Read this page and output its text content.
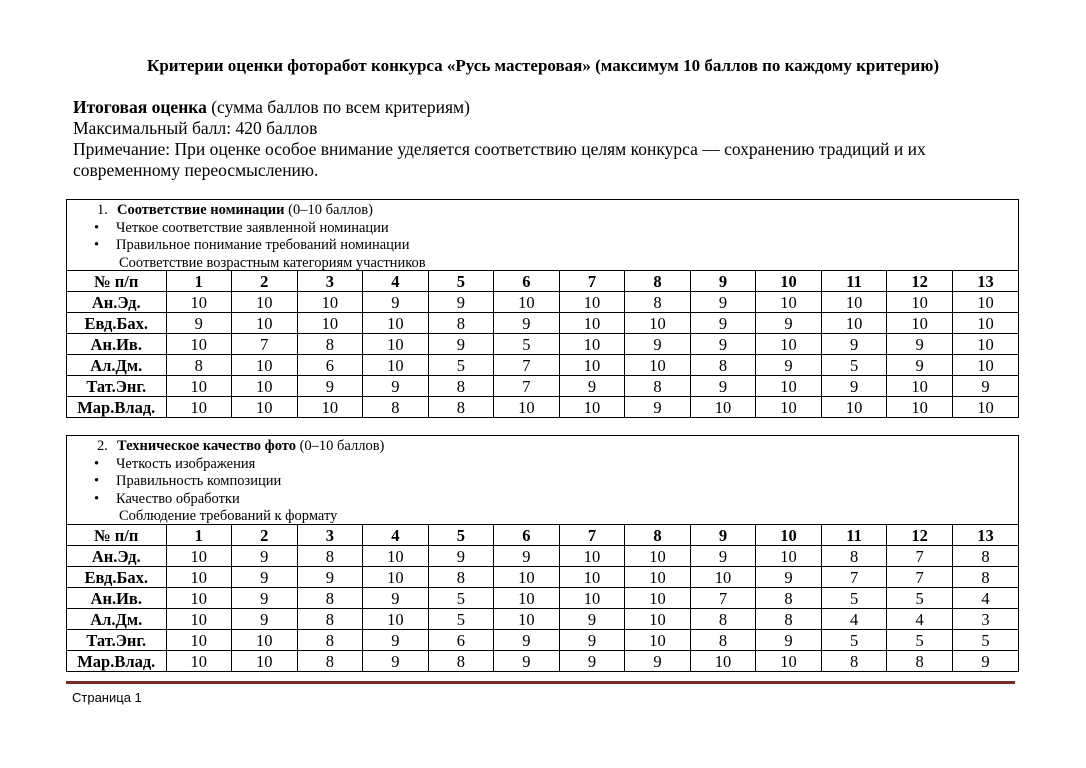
Критерии оценки фоторабот конкурса «Русь мастеровая» (максимум 10 баллов по каждому критерию)
Итоговая оценка (сумма баллов по всем критериям)
Максимальный балл: 420 баллов
Примечание: При оценке особое внимание уделяется соответствию целям конкурса — сохранению традиций и их
современному переосмыслению.
1. Соответствие номинации (0–10 баллов)
• Четкое соответствие заявленной номинации
• Правильное понимание требований номинации
Соответствие возрастным категориям участников
№ п/п	1	2	3	4	5	6	7	8	9	10	11	12	13
Ан.Эд.	10	10	10	9	9	10	10	8	9	10	10	10	10
Евд.Бах.	9	10	10	10	8	9	10	10	9	9	10	10	10
Ан.Ив.	10	7	8	10	9	5	10	9	9	10	9	9	10
Ал.Дм.	8	10	6	10	5	7	10	10	8	9	5	9	10
Тат.Энг.	10	10	9	9	8	7	9	8	9	10	9	10	9
Мар.Влад.	10	10	10	8	8	10	10	9	10	10	10	10	10
2. Техническое качество фото (0–10 баллов)
• Четкость изображения
• Правильность композиции
• Качество обработки
Соблюдение требований к формату
№ п/п	1	2	3	4	5	6	7	8	9	10	11	12	13
Ан.Эд.	10	9	8	10	9	9	10	10	9	10	8	7	8
Евд.Бах.	10	9	9	10	8	10	10	10	10	9	7	7	8
Ан.Ив.	10	9	8	9	5	10	10	10	7	8	5	5	4
Ал.Дм.	10	9	8	10	5	10	9	10	8	8	4	4	3
Тат.Энг.	10	10	8	9	6	9	9	10	8	9	5	5	5
Мар.Влад.	10	10	8	9	8	9	9	9	10	10	8	8	9
Страница 1
